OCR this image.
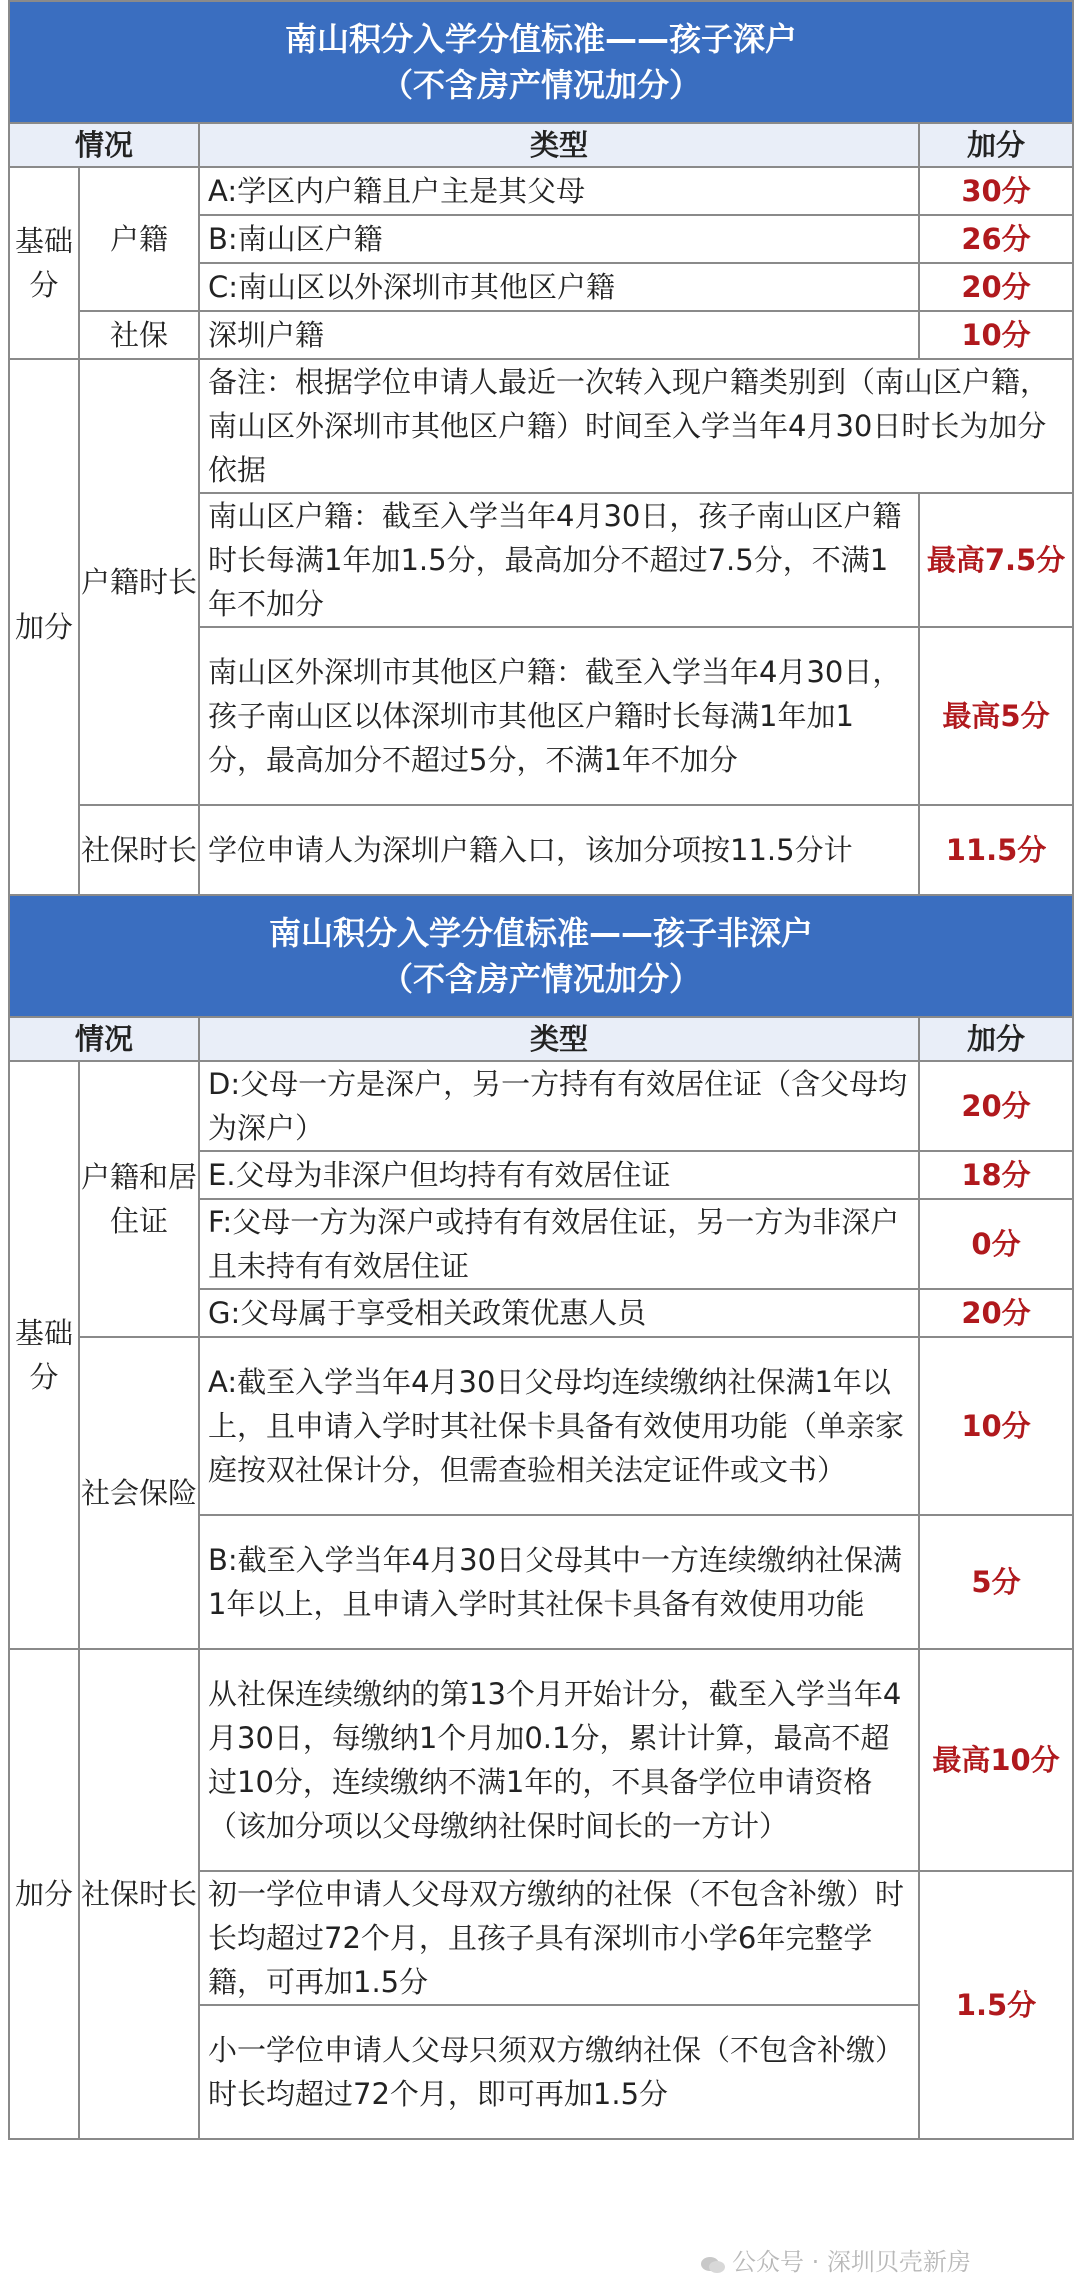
南山积分入学分值标准——孩子深户
（不含房产情况加分）			

情况		类型	加分
基础分	户籍	A:学区内户籍且户主是其父母	30分
		B:南山区户籍	26分
		C:南山区以外深圳市其他区户籍	20分
	社保	深圳户籍	10分
加分	户籍时长	备注：根据学位申请人最近一次转入现户籍类别到（南山区户籍，南山区外深圳市其他区户籍）时间至入学当年4月30日时长为加分依据	
		南山区户籍：截至入学当年4月30日，孩子南山区户籍时长每满1年加1.5分，最高加分不超过7.5分，不满1年不加分	最高7.5分
		南山区外深圳市其他区户籍：截至入学当年4月30日，孩子南山区以体深圳市其他区户籍时长每满1年加1分，最高加分不超过5分，不满1年不加分	最高5分
	社保时长	学位申请人为深圳户籍入口，该加分项按11.5分计	11.5分
南山积分入学分值标准——孩子非深户
（不含房产情况加分）			

情况		类型	加分
基础分	户籍和居住证	D:父母一方是深户，另一方持有有效居住证（含父母均为深户）	20分
		E.父母为非深户但均持有有效居住证	18分
		F:父母一方为深户或持有有效居住证，另一方为非深户且未持有有效居住证	0分
		G:父母属于享受相关政策优惠人员	20分
	社会保险	A:截至入学当年4月30日父母均连续缴纳社保满1年以上，且申请入学时其社保卡具备有效使用功能（单亲家庭按双社保计分，但需查验相关法定证件或文书）	10分
		B:截至入学当年4月30日父母其中一方连续缴纳社保满1年以上，且申请入学时其社保卡具备有效使用功能	5分
加分	社保时长	从社保连续缴纳的第13个月开始计分，截至入学当年4月30日，每缴纳1个月加0.1分，累计计算，最高不超过10分，连续缴纳不满1年的，不具备学位申请资格（该加分项以父母缴纳社保时间长的一方计）	最高10分
		初一学位申请人父母双方缴纳的社保（不包含补缴）时长均超过72个月，且孩子具有深圳市小学6年完整学籍，可再加1.5分	1.5分
		小一学位申请人父母只须双方缴纳社保（不包含补缴）时长均超过72个月，即可再加1.5分	
公众号 · 深圳贝壳新房
